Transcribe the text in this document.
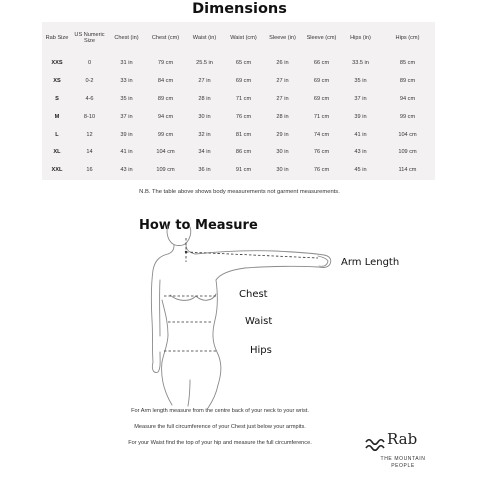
Dimensions
Rab Size	US Numeric Size	Chest (in)	Chest (cm)	Waist (in)	Waist (cm)	Sleeve (in)	Sleeve (cm)	Hips (in)	Hips (cm)
XXS	0	31 in	79 cm	25.5 in	65 cm	26 in	66 cm	33.5 in	85 cm
XS	0-2	33 in	84 cm	27 in	69 cm	27 in	69 cm	35 in	89 cm
S	4-6	35 in	89 cm	28 in	71 cm	27 in	69 cm	37 in	94 cm
M	8-10	37 in	94 cm	30 in	76 cm	28 in	71 cm	39 in	99 cm
L	12	39 in	99 cm	32 in	81 cm	29 in	74 cm	41 in	104 cm
XL	14	41 in	104 cm	34 in	86 cm	30 in	76 cm	43 in	109 cm
XXL	16	43 in	109 cm	36 in	91 cm	30 in	76 cm	45 in	114 cm
N.B. The table above shows body measurements not garment measurements.
How to Measure
Arm Length
Chest
Waist
Hips
For Arm length measure from the centre back of your neck to your wrist.
Measure the full circumference of your Chest just below your armpits.
For your Waist find the top of your hip and measure the full circumference.	Rab
THE MOUNTAIN
PEOPLE
